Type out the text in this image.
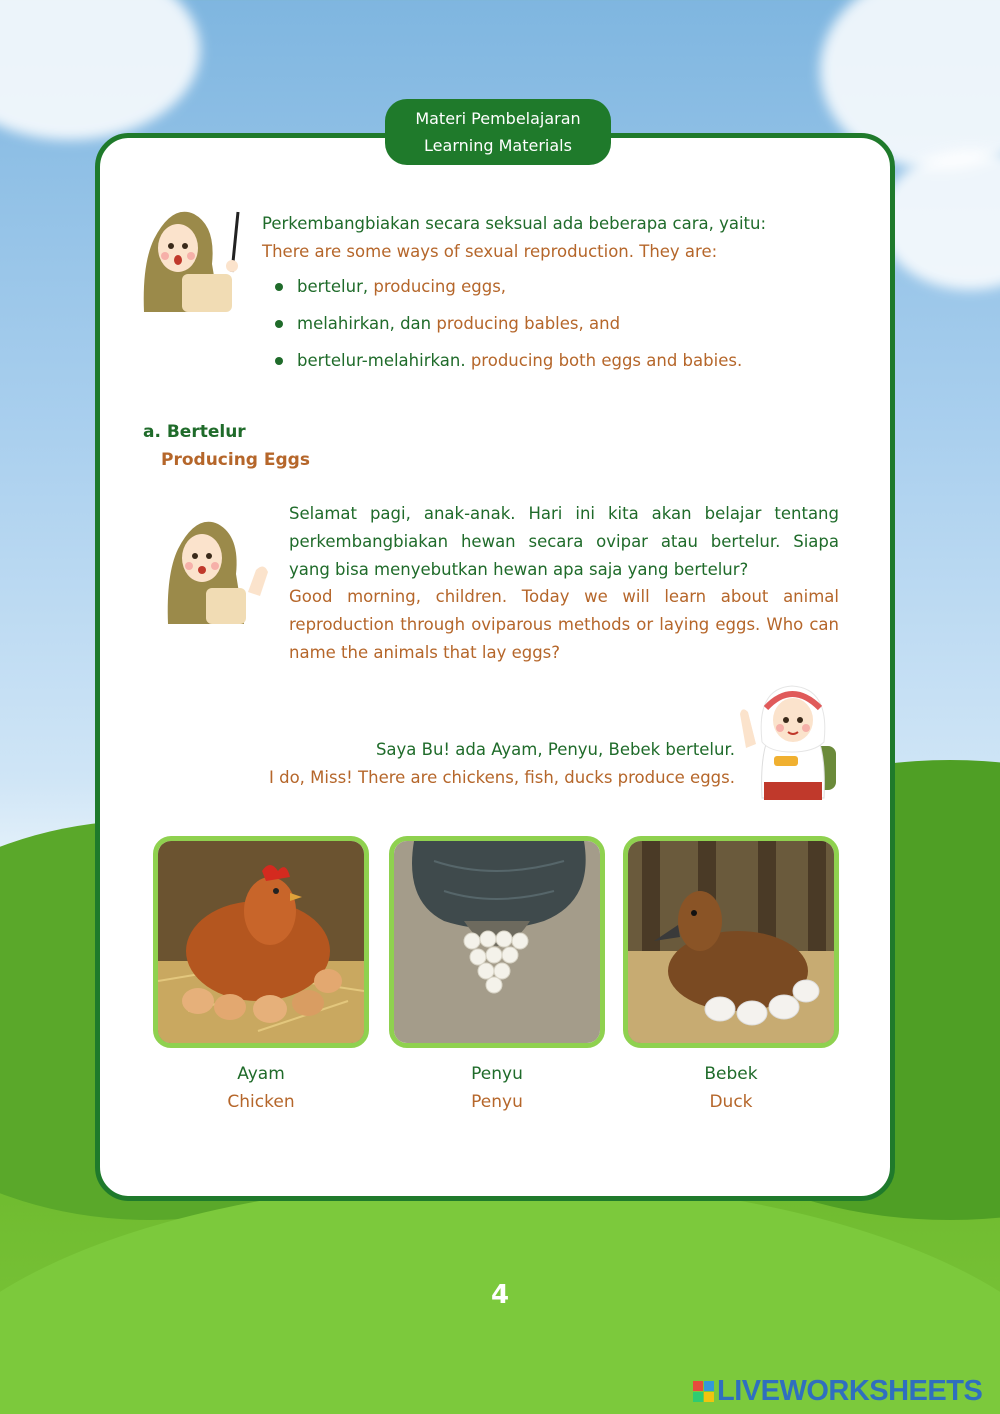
Materi Pembelajaran
Learning Materials
Perkembangbiakan secara seksual ada beberapa cara, yaitu:
There are some ways of sexual reproduction. They are:
bertelur, producing eggs,
melahirkan, dan producing bables, and
bertelur-melahirkan. producing both eggs and babies.
a. Bertelur
Producing Eggs
Selamat pagi, anak-anak. Hari ini kita akan belajar tentang perkembangbiakan hewan secara ovipar atau bertelur. Siapa yang bisa menyebutkan hewan apa saja yang bertelur?
Good morning, children. Today we will learn about animal reproduction through oviparous methods or laying eggs. Who can name the animals that lay eggs?
Saya Bu! ada Ayam, Penyu, Bebek bertelur.
I do, Miss! There are chickens, fish, ducks produce eggs.
Ayam
Chicken
Penyu
Penyu
Bebek
Duck
4
LIVEWORKSHEETS
